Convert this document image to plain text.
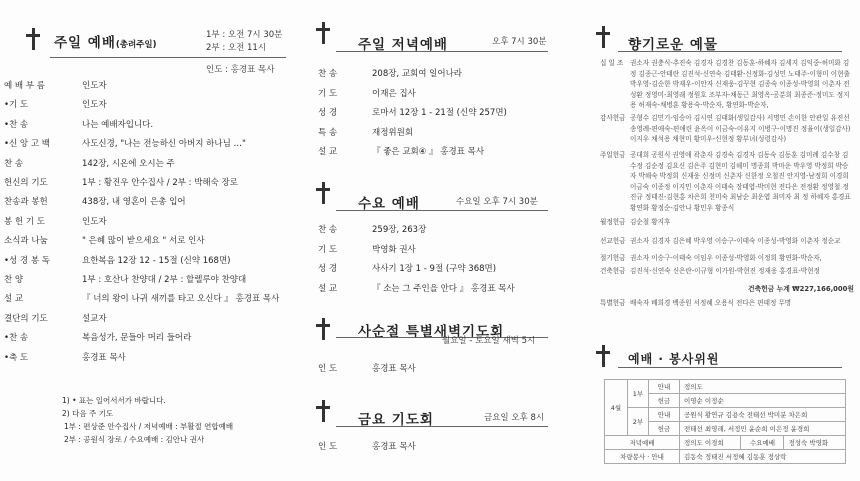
주일 예배(총려주일)
1부 : 오전 7시 30분
2부 : 오전 11시
인도 : 홍경표 목사
예 배 부 름	인도자
•기 도	인도자
•찬 송	나는 예배자입니다.
•신 앙 고 백	사도신경, "나는 전능하신 아버지 하나님 …"
찬 송	142장, 시온에 오시는 주
헌신의 기도	1부 : 황진우 안수집사 / 2부 : 박해숙 장로
찬송과 봉헌	438장, 내 영혼이 은총 입어
봉 헌 기 도	인도자
소식과 나눔	" 은혜 많이 받으세요 " 서로 인사
•성 경 봉 독	요한복음 12장 12 - 15절 (신약 168면)
찬 양	1부 : 호산나 찬양대 / 2부 : 할렐루야 찬양대
설 교	『 너의 왕이 나귀 새끼를 타고 오신다 』 홍경표 목사
결단의 기도	설교자
•찬 송	복음성가, 문들아 머리 들어라
•축 도	홍경표 목사
1) • 표는 일어서서가 바랍니다.
2) 다음 주 기도
1부 : 편상준 안수집사 / 저녁예배 : 부활절 연합예배
2부 : 공원식 장로 / 수요예배 : 김안나 권사
주일 저녁예배	오후 7시 30분
찬 송	208장, 교회여 일어나라
기 도	이재은 집사
성 경	로마서 12장 1 - 21절 (신약 257면)
특 송	재정위원회
설 교	『 좋은 교회④ 』 홍경표 목사
수요 예배	수요일 오후 7시 30분
찬 송	259장, 263장
기 도	박영화 권사
성 경	사사기 1장 1 - 9절 (구약 368면)
설 교	『 소는 그 주인을 안다 』 홍경표 목사
사순절 특별새벽기도회
월요일 - 토요일 새벽 5시
인 도	홍경표 목사
금요 기도회	금요일 오후 8시
인 도	홍경표 목사
향기로운 예물
십 일 조 권소자 권충식-추진숙 김경자 김경찬 김동훈-하혜자 김세지 김익중-허미화 김 정 김종근-안태란 김진석-신연숙 김태환-신정화-김성민 노태주-이형미 이현출 박우영-김순한 박재우-이안자 신재웅-김꾸현 김종숙 이종성-박영희 이춘자 전성환 정영미-최영래 정원호 조부자-채동근 최영옥-공분희 최종준-정미도 정지용 허재숙-채병훈 황용숙-박순자, 황연화-박순자,
감사헌금 공형수 김민기-임승아 김시연 김태화(생일감사) 서명민 손이한 안관일 유진선 송영례-편애숙-편애린 윤옥이 이금숙-이유지 이병구-이명진 정율이(생일감사) 이지우 채석용 채현미 황미우-신현정 황부녀(성령감사)
주일헌금 공대희 공원식 권영애 곽춘자 김경숙 김경자 김동숙 김동훈 김미례 김수창 김수정 김순정 김요신 김은주 김현미 김해미 명종희 박마운 박우영 박정희 박승자 박해숙 박정희 신재웅 신정미 신춘자 신한정 오철진 안지영-남정희 이경희 이금숙 이종정 이지민 이춘자 이태숙 장태엽-박미현 전다은 전정환 정영철 정진규 정태진-김현홍 차은희 천미숙 최남순 최운엽 최미자 최 정 하혜자 홍경표 황연화 황정순-김안나 황민우 황종식
월정헌금 김순철 황지후
선교헌금 권소자 김경자 김은혜 박우영 이승구-이태숙 이종성-박영화 이춘자 정순교
절기헌금 권소자 이승구-이태숙 이임우 이종성-박영화 이정희 황연화-박순자,
건축헌금 김진석-신연숙 신은란-이규형 이가원-박현진 정재웅 홍경표-박현정
건축헌금 누계 ₩227,166,000원
특별헌금 배숙자 배희경 백종원 서정혜 오용식 전다은 편태정 무명
예배 · 봉사위원
4월	1부	안내	정의도		
		헌금	이영순 이정순		
	2부	안내	공원식 황연규 김용숙 전태선 박미분 차은희		
		헌금	전태선 최영래, 서정민 윤순희 이은정 윤경희		
저녁예배			정의도 이경희	수요예배	정성숙 박영화
차량봉사 · 안내			김동숙 정태진 서정혜 김동훈 정상락		
